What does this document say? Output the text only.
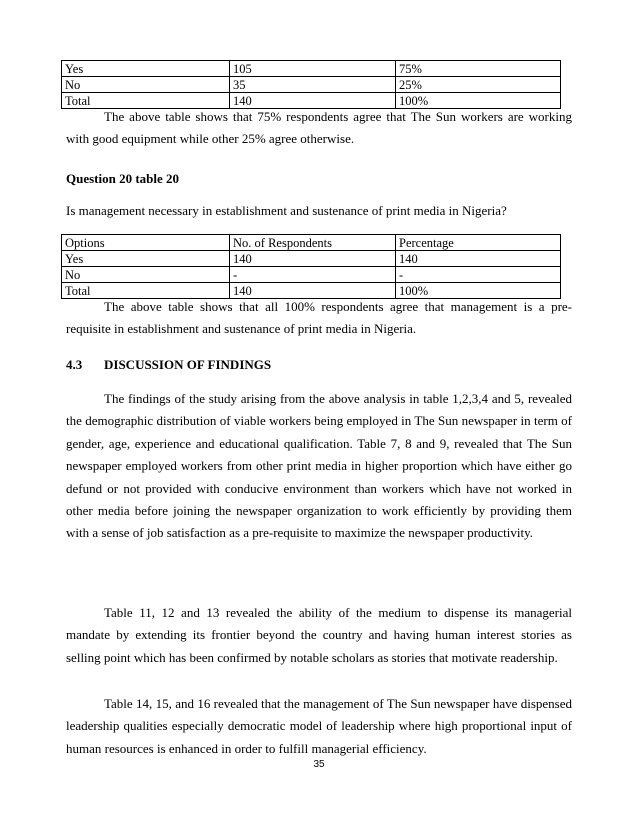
Yes	105	75%
No	35	25%
Total	140	100%

The above table shows that 75% respondents agree that The Sun workers are working with good equipment while other 25% agree otherwise.

Question 20 table 20

Is management necessary in establishment and sustenance of print media in Nigeria?

Options	No. of Respondents	Percentage
Yes	140	140
No	-	-
Total	140	100%

The above table shows that all 100% respondents agree that management is a pre-requisite in establishment and sustenance of print media in Nigeria.

4.3 DISCUSSION OF FINDINGS

The findings of the study arising from the above analysis in table 1,2,3,4 and 5, revealed the demographic distribution of viable workers being employed in The Sun newspaper in term of gender, age, experience and educational qualification. Table 7, 8 and 9, revealed that The Sun newspaper employed workers from other print media in higher proportion which have either go defund or not provided with conducive environment than workers which have not worked in other media before joining the newspaper organization to work efficiently by providing them with a sense of job satisfaction as a pre-requisite to maximize the newspaper productivity.

Table 11, 12 and 13 revealed the ability of the medium to dispense its managerial mandate by extending its frontier beyond the country and having human interest stories as selling point which has been confirmed by notable scholars as stories that motivate readership.

Table 14, 15, and 16 revealed that the management of The Sun newspaper have dispensed leadership qualities especially democratic model of leadership where high proportional input of human resources is enhanced in order to fulfill managerial efficiency.

35
